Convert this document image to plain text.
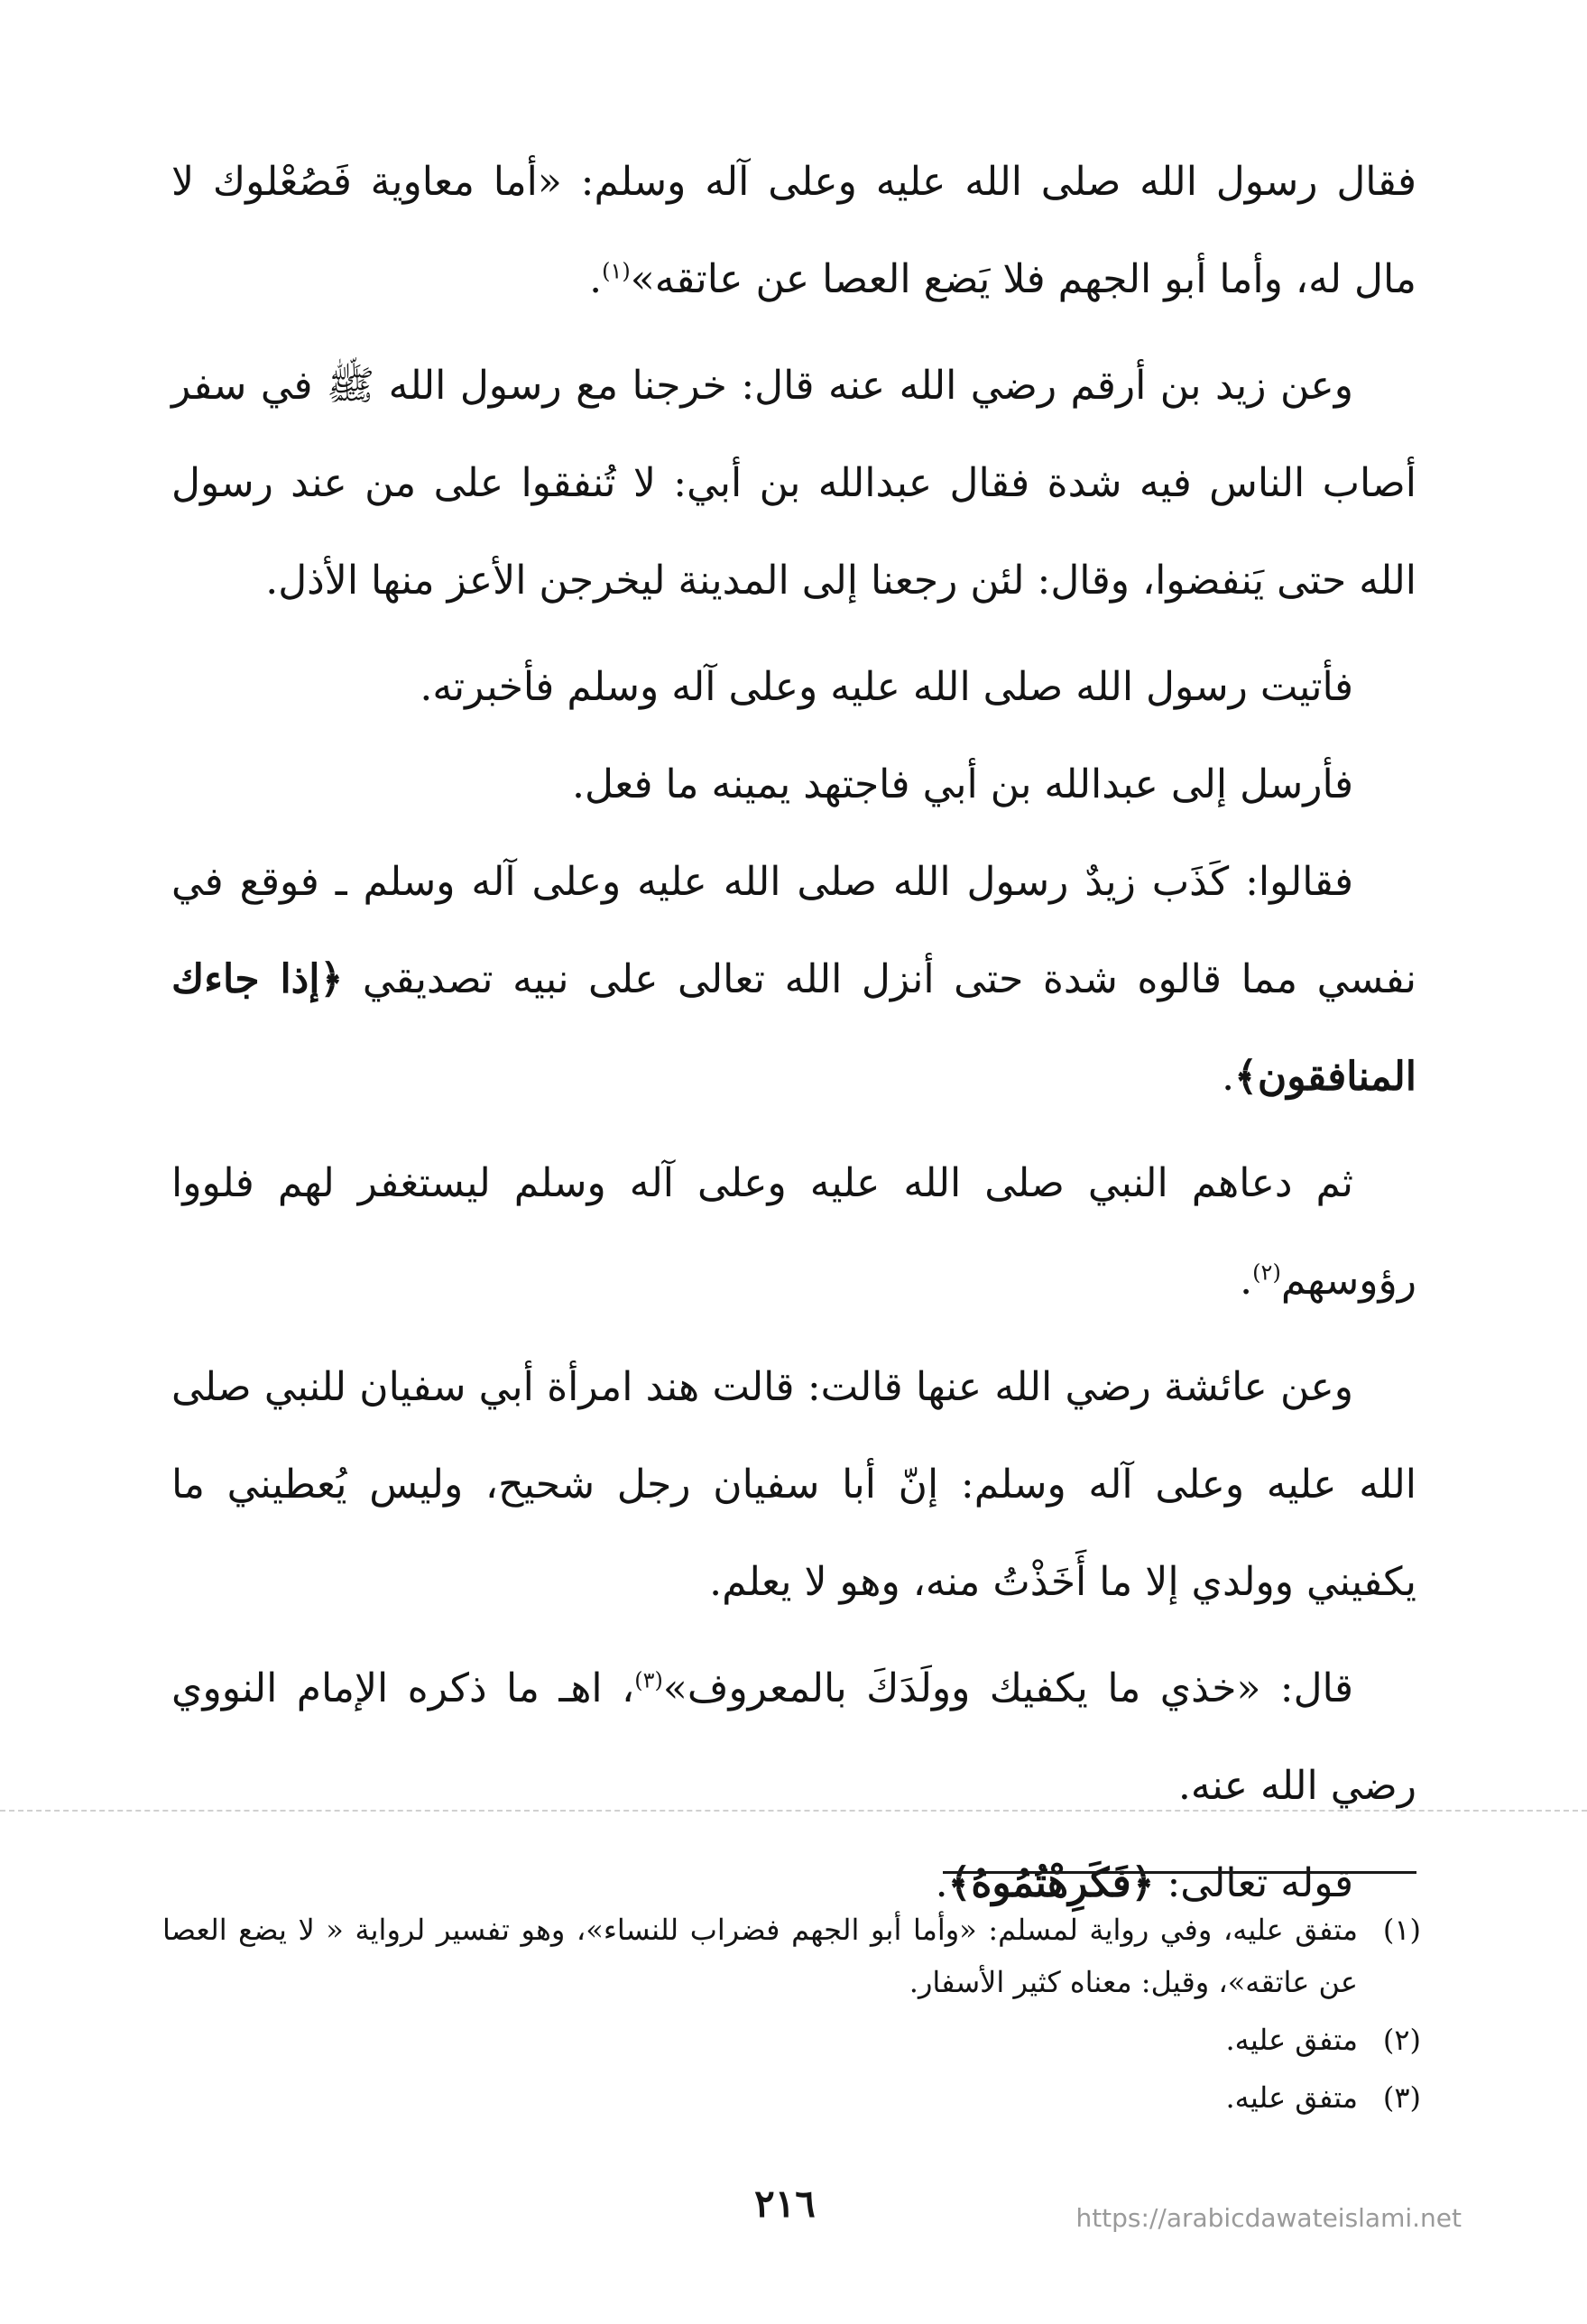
فقال رسول الله صلى الله عليه وعلى آله وسلم: «أما معاوية فَصُعْلوك لا مال له، وأما أبو الجهم فلا يَضع العصا عن عاتقه»$^{(١)}$.

وعن زيد بن أرقم رضي الله عنه قال: خرجنا مع رسول الله ﷺ في سفر أصاب الناس فيه شدة فقال عبدالله بن أبي: لا تُنفقوا على من عند رسول الله حتى يَنفضوا، وقال: لئن رجعنا إلى المدينة ليخرجن الأعز منها الأذل.

فأتيت رسول الله صلى الله عليه وعلى آله وسلم فأخبرته.

فأرسل إلى عبدالله بن أبي فاجتهد يمينه ما فعل.

فقالوا: كَذَب زيدٌ رسول الله صلى الله عليه وعلى آله وسلم ـ فوقع في نفسي مما قالوه شدة حتى أنزل الله تعالى على نبيه تصديقي ﴿إذا جاءك المنافقون﴾.

ثم دعاهم النبي صلى الله عليه وعلى آله وسلم ليستغفر لهم فلووا رؤوسهم$^{(٢)}$.

وعن عائشة رضي الله عنها قالت: قالت هند امرأة أبي سفيان للنبي صلى الله عليه وعلى آله وسلم: إنّ أبا سفيان رجل شحيح، وليس يُعطيني ما يكفيني وولدي إلا ما أَخَذْتُ منه، وهو لا يعلم.

قال: «خذي ما يكفيك وولَدَكَ بالمعروف»$^{(٣)}$، اهـ ما ذكره الإمام النووي رضي الله عنه.

قوله تعالى: ﴿فَكَرِهْتُمُوهُ﴾.

(١)
متفق عليه، وفي رواية لمسلم: «وأما أبو الجهم فضراب للنساء»، وهو تفسير لرواية « لا يضع العصا عن عاتقه»، وقيل: معناه كثير الأسفار.
(٢)
متفق عليه.
(٣)
متفق عليه.
٢١٦	https://arabicdawateislami.net
